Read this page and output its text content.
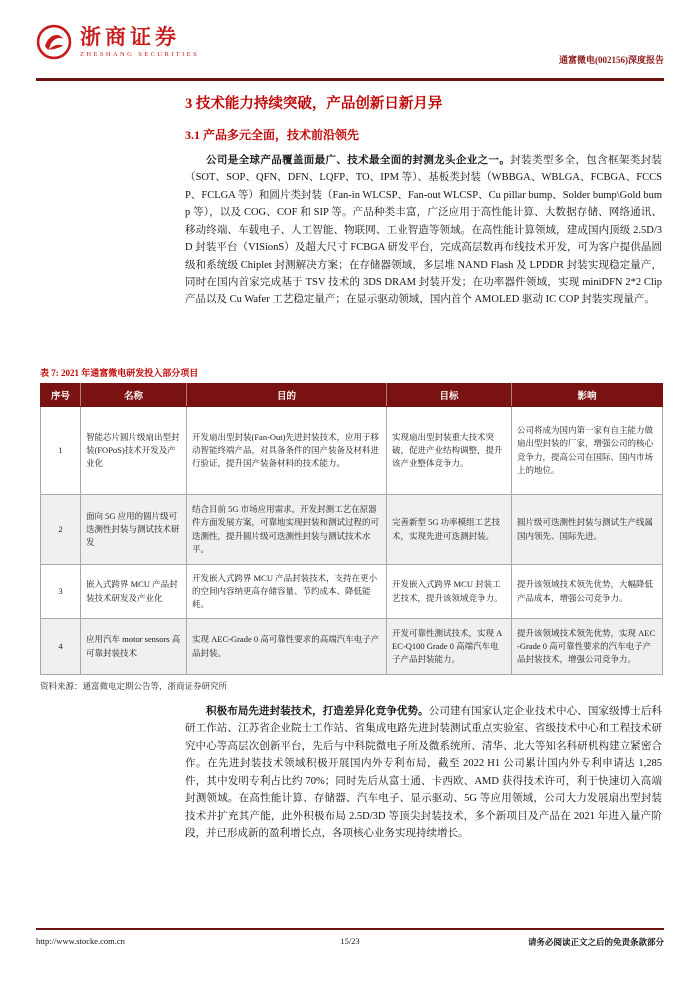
浙商证券
ZHESHANG SECURITIES
通富微电(002156)深度报告
3 技术能力持续突破，产品创新日新月异
3.1 产品多元全面，技术前沿领先
公司是全球产品覆盖面最广、技术最全面的封测龙头企业之一。封装类型多全，包含框架类封装（SOT、SOP、QFN、DFN、LQFP、TO、IPM 等）、基板类封装（WBBGA、WBLGA、FCBGA、FCCSP、FCLGA 等）和圆片类封装（Fan-in WLCSP、Fan-out WLCSP、Cu pillar bump、Solder bump\Gold bump 等），以及 COG、COF 和 SIP 等。产品种类丰富，广泛应用于高性能计算、大数据存储、网络通讯、移动终端、车载电子、人工智能、物联网、工业智造等领域。在高性能计算领域，建成国内顶级 2.5D/3D 封装平台（VISionS）及超大尺寸 FCBGA 研发平台，完成高层数再布线技术开发，可为客户提供晶圆级和系统级 Chiplet 封测解决方案；在存储器领域，多层堆 NAND Flash 及 LPDDR 封装实现稳定量产，同时在国内首家完成基于 TSV 技术的 3DS DRAM 封装开发；在功率器件领域，实现 miniDFN 2*2 Clip 产品以及 Cu Wafer 工艺稳定量产；在显示驱动领域，国内首个 AMOLED 驱动 IC COP 封装实现量产。
表 7: 2021 年通富微电研发投入部分项目
序号	名称	目的	目标	影响
1	智能芯片圆片级扇出型封装(FOPoS)技术开发及产业化	开发扇出型封装(Fan-Out)先进封装技术，应用于移动智能终端产品，对具备条件的国产装备及材料进行验证，提升国产装备材料的技术能力。	实现扇出型封装重大技术突破，促进产业结构调整，提升该产业整体竞争力。	公司将成为国内第一家有自主能力做扇出型封装的厂家，增强公司的核心竞争力，提高公司在国际、国内市场上的地位。
2	面向 5G 应用的圆片级可迭测性封装与测试技术研发	结合目前 5G 市场应用需求，开发封测工艺在原器件方面发展方案，可靠地实现封装和测试过程的可迭测性，提升圆片级可迭测性封装与测试技术水平。	完善新型 5G 功率模组工艺技术，实现先进可迭测封装。	圆片级可迭测性封装与测试生产线属国内领先、国际先进。
3	嵌入式跨界 MCU 产品封装技术研发及产业化	开发嵌入式跨界 MCU 产品封装技术，支持在更小的空间内容纳更高存储容量、节约成本、降低能耗。	开发嵌入式跨界 MCU 封装工艺技术，提升该领域竞争力。	提升该领域技术领先优势，大幅降低产品成本，增强公司竞争力。
4	应用汽车 motor sensors 高可靠封装技术	实现 AEC-Grade 0 高可靠性要求的高端汽车电子产品封装。	开发可靠性测试技术，实现 AEC-Q100 Grade 0 高端汽车电子产品封装能力。	提升该领域技术领先优势，实现 AEC-Grade 0 高可靠性要求的汽车电子产品封装技术，增强公司竞争力。
资料来源：通富微电定期公告等，浙商证券研究所
积极布局先进封装技术，打造差异化竞争优势。公司建有国家认定企业技术中心、国家级博士后科研工作站、江苏省企业院士工作站、省集成电路先进封装测试重点实验室、省级技术中心和工程技术研究中心等高层次创新平台，先后与中科院微电子所及微系统所、清华、北大等知名科研机构建立紧密合作。在先进封装技术领域积极开展国内外专利布局，截至 2022 H1 公司累计国内外专利申请达 1,285 件，其中发明专利占比约 70%；同时先后从富士通、卡西欧、AMD 获得技术许可，利于快速切入高端封测领域。在高性能计算、存储器、汽车电子、显示驱动、5G 等应用领域，公司大力发展扇出型封装技术并扩充其产能，此外积极布局 2.5D/3D 等顶尖封装技术，多个新项目及产品在 2021 年进入量产阶段，并已形成新的盈利增长点，各项核心业务实现持续增长。
http://www.stocke.com.cn	15/23	请务必阅读正文之后的免责条款部分
